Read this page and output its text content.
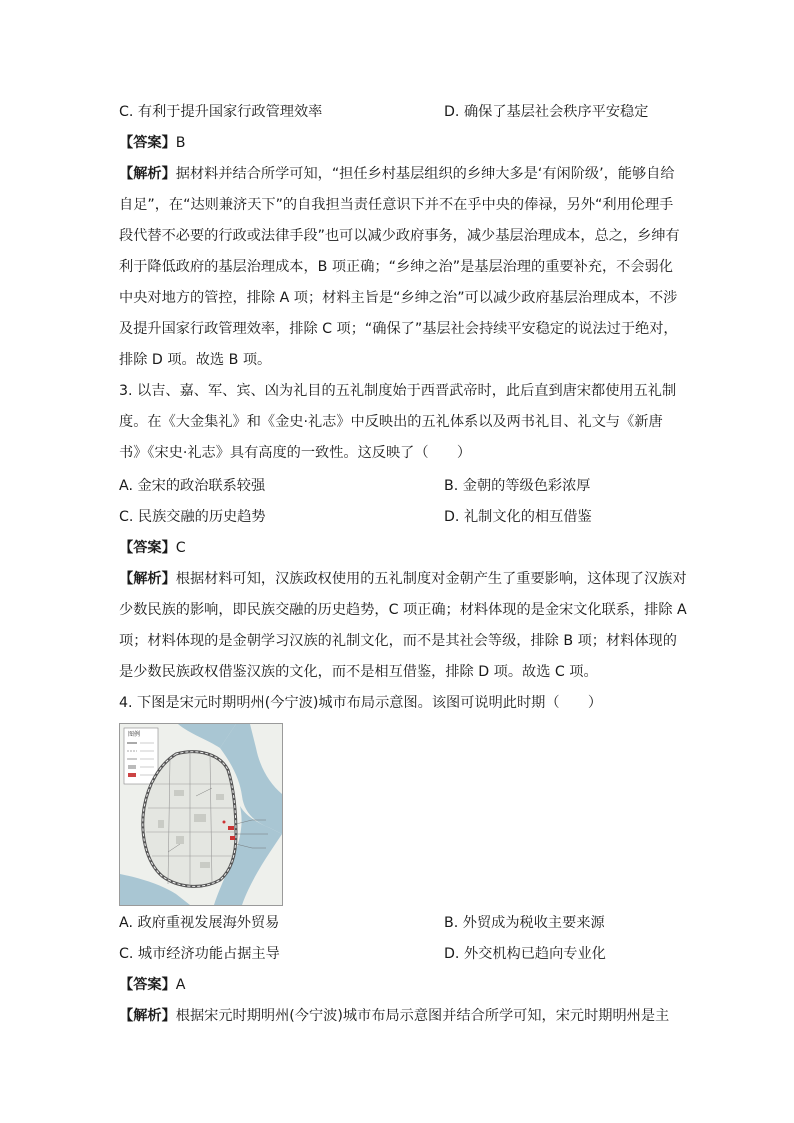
C. 有利于提升国家行政管理效率	D. 确保了基层社会秩序平安稳定
【答案】B
【解析】据材料并结合所学可知，“担任乡村基层组织的乡绅大多是‘有闲阶级’，能够自给
自足”，在“达则兼济天下”的自我担当责任意识下并不在乎中央的俸禄，另外“利用伦理手
段代替不必要的行政或法律手段”也可以减少政府事务，减少基层治理成本，总之，乡绅有
利于降低政府的基层治理成本，B 项正确；“乡绅之治”是基层治理的重要补充，不会弱化
中央对地方的管控，排除 A 项；材料主旨是“乡绅之治”可以减少政府基层治理成本，不涉
及提升国家行政管理效率，排除 C 项；“确保了”基层社会持续平安稳定的说法过于绝对，
排除 D 项。故选 B 项。
3. 以吉、嘉、军、宾、凶为礼目的五礼制度始于西晋武帝时，此后直到唐宋都使用五礼制
度。在《大金集礼》和《金史·礼志》中反映出的五礼体系以及两书礼目、礼文与《新唐
书》《宋史·礼志》具有高度的一致性。这反映了（　　）
A. 金宋的政治联系较强	B. 金朝的等级色彩浓厚
C. 民族交融的历史趋势	D. 礼制文化的相互借鉴
【答案】C
【解析】根据材料可知，汉族政权使用的五礼制度对金朝产生了重要影响，这体现了汉族对
少数民族的影响，即民族交融的历史趋势，C 项正确；材料体现的是金宋文化联系，排除 A
项；材料体现的是金朝学习汉族的礼制文化，而不是其社会等级，排除 B 项；材料体现的
是少数民族政权借鉴汉族的文化，而不是相互借鉴，排除 D 项。故选 C 项。
4. 下图是宋元时期明州(今宁波)城市布局示意图。该图可说明此时期（　　）
图例
A. 政府重视发展海外贸易	B. 外贸成为税收主要来源
C. 城市经济功能占据主导	D. 外交机构已趋向专业化
【答案】A
【解析】根据宋元时期明州(今宁波)城市布局示意图并结合所学可知，宋元时期明州是主
